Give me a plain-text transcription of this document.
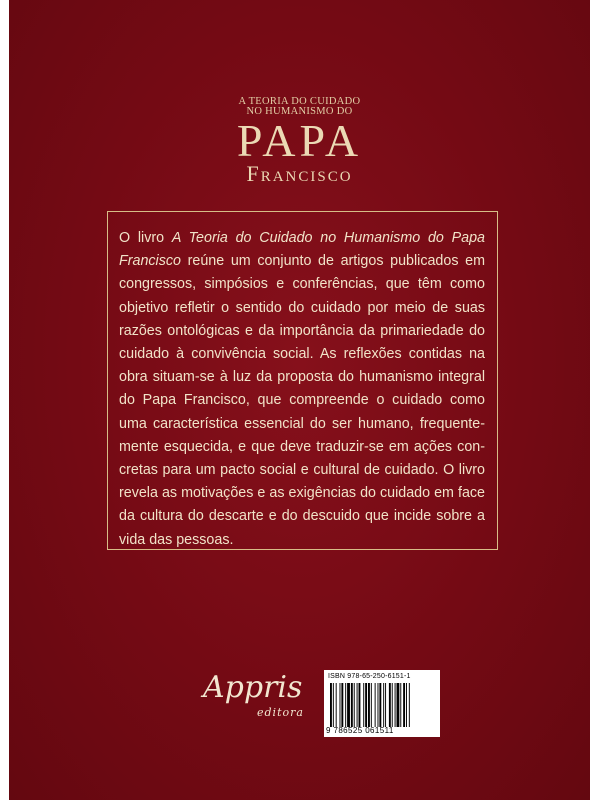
A TEORIA DO CUIDADO
NO HUMANISMO DO
PAPA
Francisco
O livro A Teoria do Cuidado no Humanismo do Papa Francisco reúne um conjunto de artigos publicados em congressos, simpósios e conferências, que têm como objetivo refletir o sentido do cuidado por meio de suas razões ontológicas e da importância da primariedade do cuidado à convivência social. As reflexões contidas na obra situam-se à luz da proposta do humanismo integral do Papa Francisco, que compreende o cuidado como uma característica essencial do ser humano, frequentemente esquecida, e que deve traduzir-se em ações concretas para um pacto social e cultural de cuidado. O livro revela as motivações e as exigências do cuidado em face da cultura do descarte e do descuido que incide sobre a vida das pessoas.
Appris
editora
ISBN 978-65-250-6151-1
9 786525 061511
